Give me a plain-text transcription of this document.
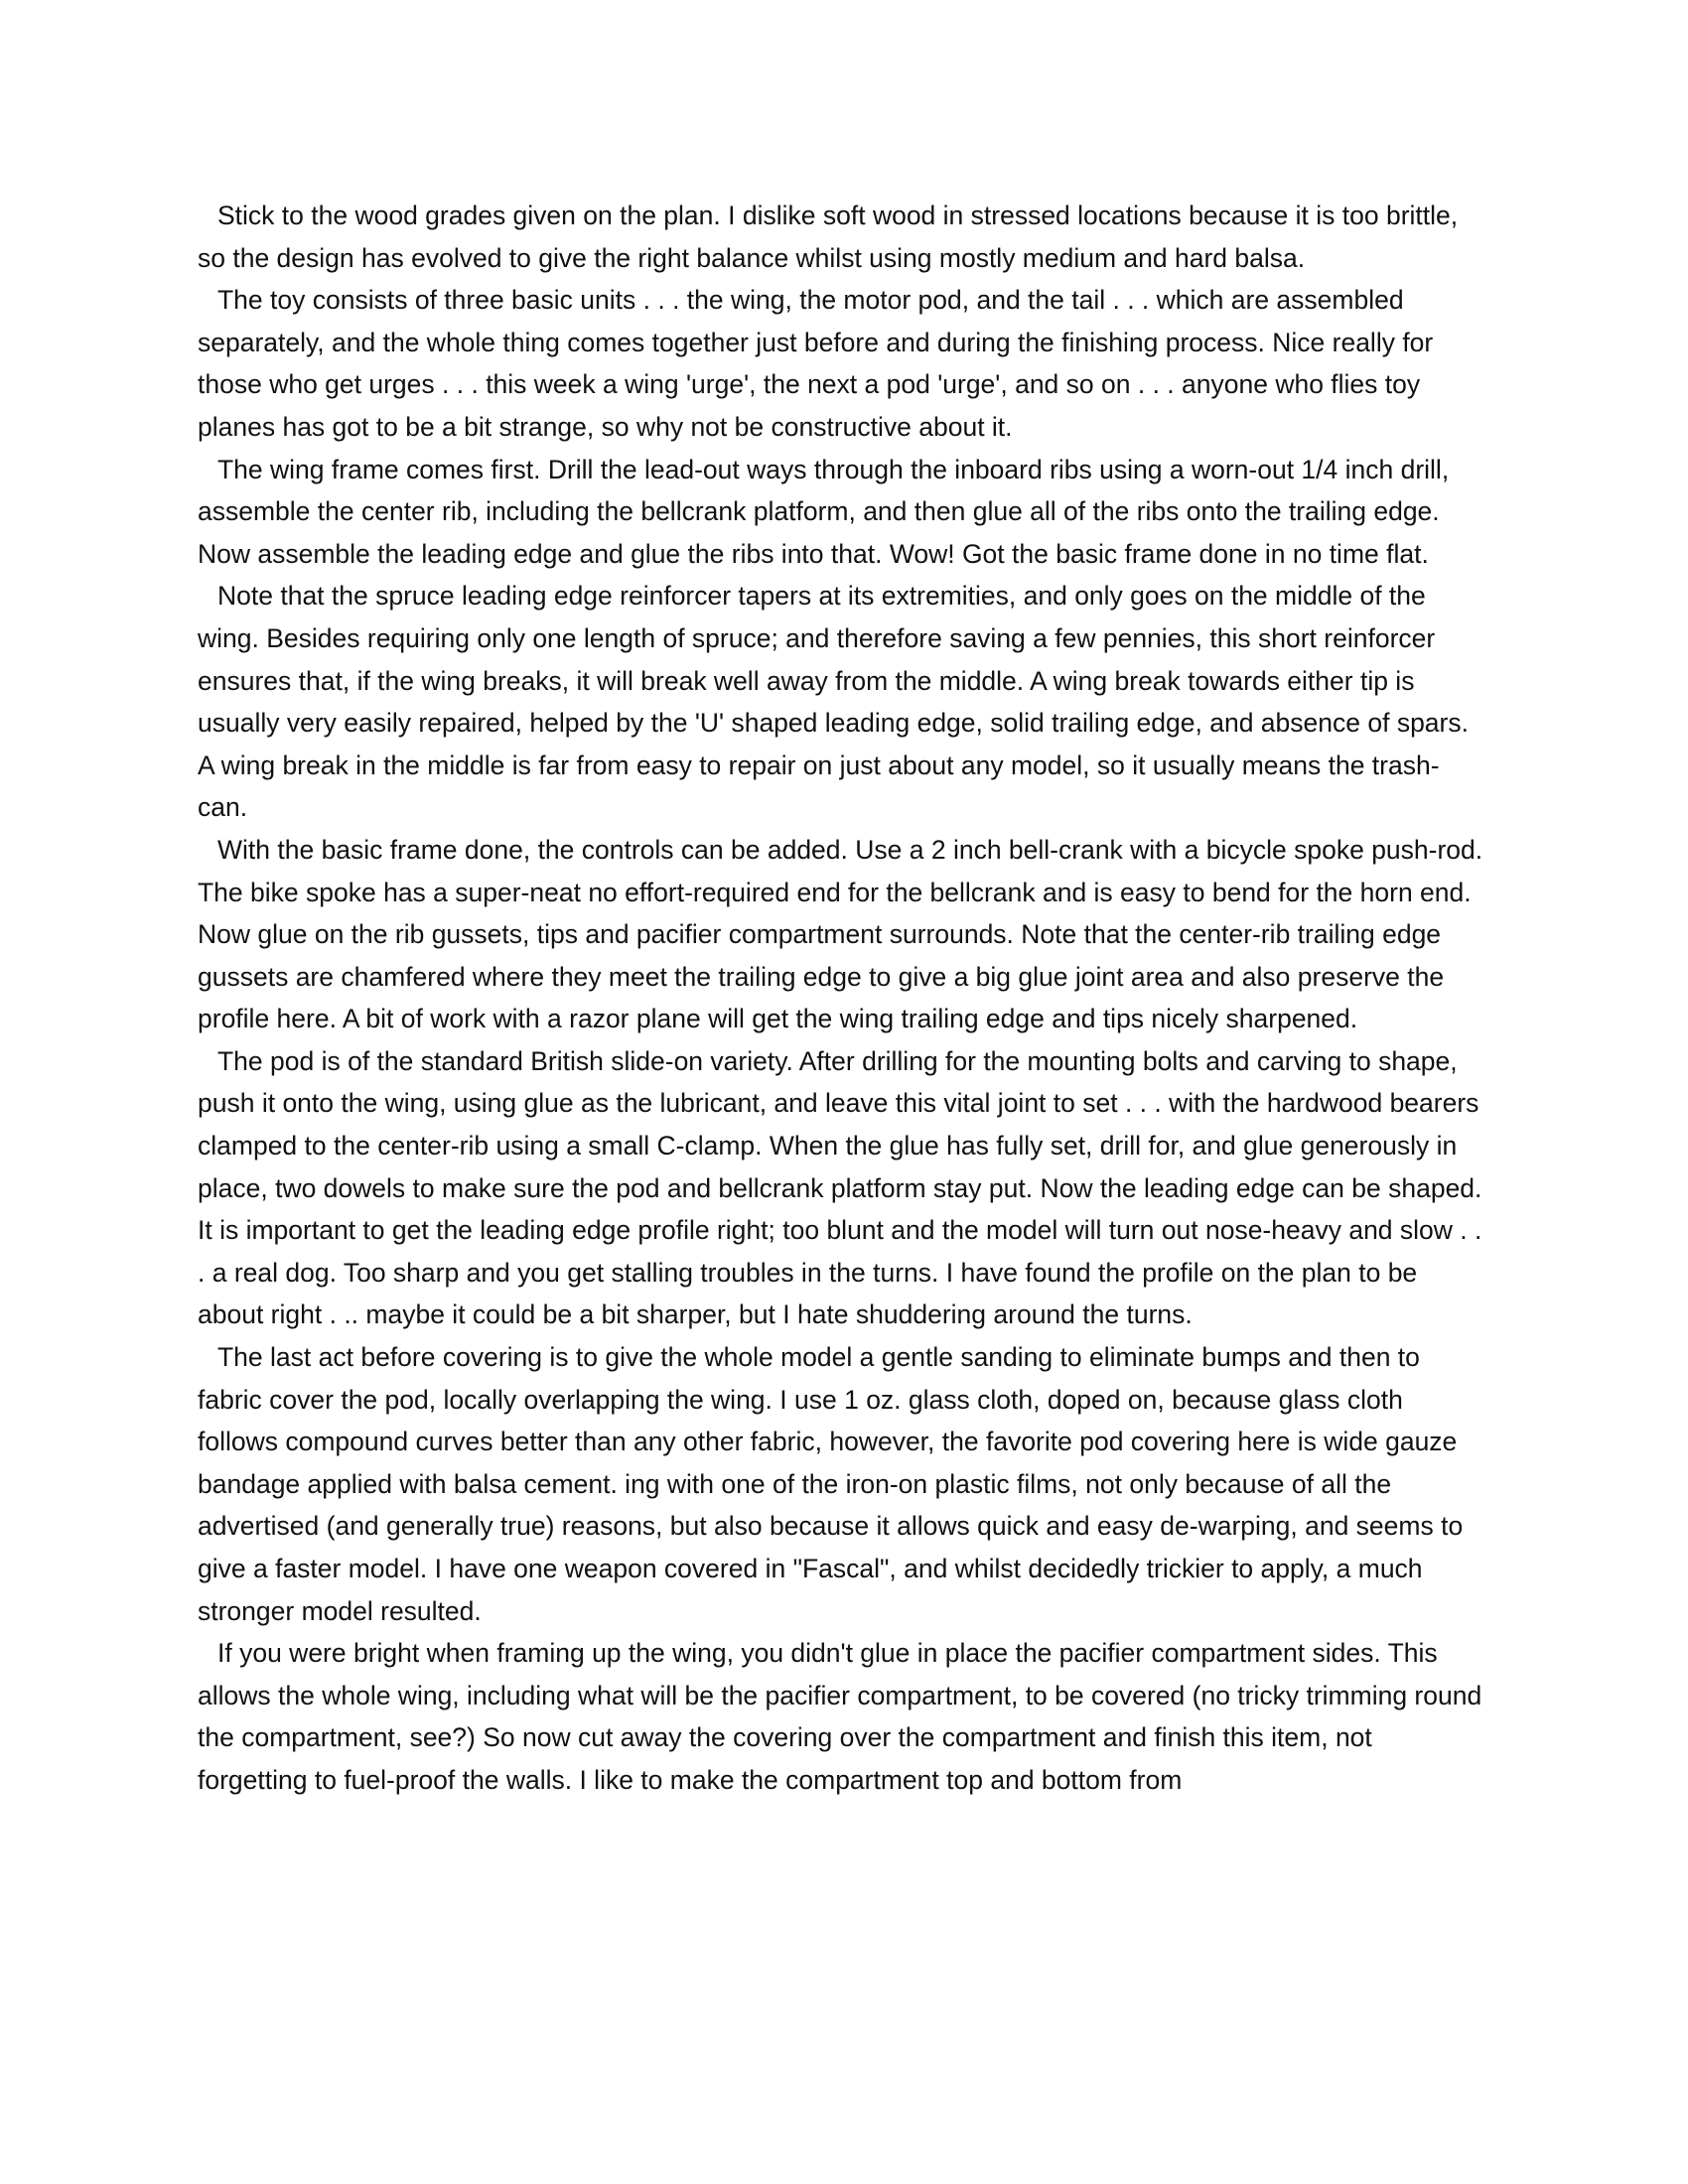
Stick to the wood grades given on the plan. I dislike soft wood in stressed locations because it is too brittle, so the design has evolved to give the right balance whilst using mostly medium and hard balsa.

The toy consists of three basic units . . . the wing, the motor pod, and the tail . . . which are assembled separately, and the whole thing comes together just before and during the finishing process. Nice really for those who get urges . . . this week a wing 'urge', the next a pod 'urge', and so on . . . anyone who flies toy planes has got to be a bit strange, so why not be constructive about it.

The wing frame comes first. Drill the lead-out ways through the inboard ribs using a worn-out 1/4 inch drill, assemble the center rib, including the bellcrank platform, and then glue all of the ribs onto the trailing edge. Now assemble the leading edge and glue the ribs into that. Wow! Got the basic frame done in no time flat.

Note that the spruce leading edge reinforcer tapers at its extremities, and only goes on the middle of the wing. Besides requiring only one length of spruce; and therefore saving a few pennies, this short reinforcer ensures that, if the wing breaks, it will break well away from the middle. A wing break towards either tip is usually very easily repaired, helped by the 'U' shaped leading edge, solid trailing edge, and absence of spars. A wing break in the middle is far from easy to repair on just about any model, so it usually means the trash-can.

With the basic frame done, the controls can be added. Use a 2 inch bell-crank with a bicycle spoke push-rod. The bike spoke has a super-neat no effort-required end for the bellcrank and is easy to bend for the horn end. Now glue on the rib gussets, tips and pacifier compartment surrounds. Note that the center-rib trailing edge gussets are chamfered where they meet the trailing edge to give a big glue joint area and also preserve the profile here. A bit of work with a razor plane will get the wing trailing edge and tips nicely sharpened.

The pod is of the standard British slide-on variety. After drilling for the mounting bolts and carving to shape, push it onto the wing, using glue as the lubricant, and leave this vital joint to set . . . with the hardwood bearers clamped to the center-rib using a small C-clamp. When the glue has fully set, drill for, and glue generously in place, two dowels to make sure the pod and bellcrank platform stay put. Now the leading edge can be shaped. It is important to get the leading edge profile right; too blunt and the model will turn out nose-heavy and slow . . . a real dog. Too sharp and you get stalling troubles in the turns. I have found the profile on the plan to be about right . .. maybe it could be a bit sharper, but I hate shuddering around the turns.

The last act before covering is to give the whole model a gentle sanding to eliminate bumps and then to fabric cover the pod, locally overlapping the wing. I use 1 oz. glass cloth, doped on, because glass cloth follows compound curves better than any other fabric, however, the favorite pod covering here is wide gauze bandage applied with balsa cement. ing with one of the iron-on plastic films, not only because of all the advertised (and generally true) reasons, but also because it allows quick and easy de-warping, and seems to give a faster model. I have one weapon covered in "Fascal", and whilst decidedly trickier to apply, a much stronger model resulted.

If you were bright when framing up the wing, you didn't glue in place the pacifier compartment sides. This allows the whole wing, including what will be the pacifier compartment, to be covered (no tricky trimming round the compartment, see?) So now cut away the covering over the compartment and finish this item, not forgetting to fuel-proof the walls. I like to make the compartment top and bottom from
